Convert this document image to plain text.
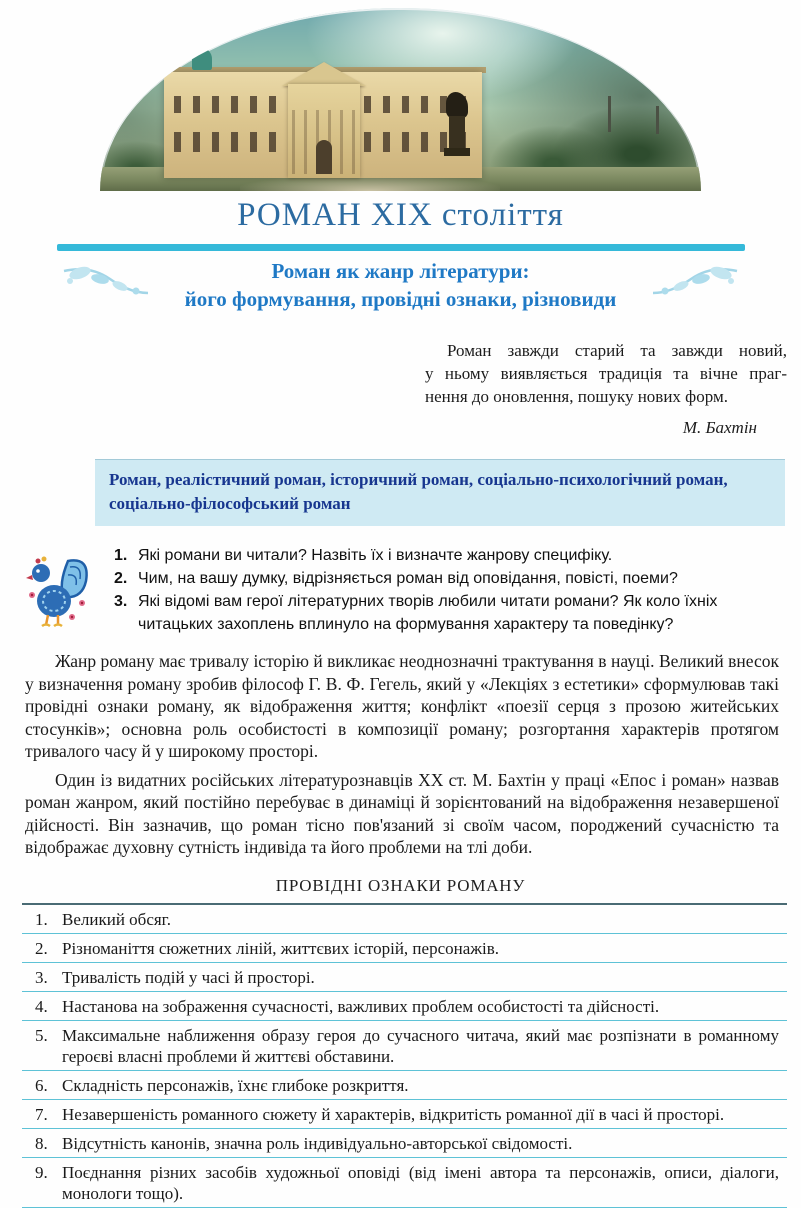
РОМАН XIX століття
Роман як жанр літератури:
його формування, провідні ознаки, різновиди
Роман завжди старий та завжди новий,
у ньому виявляється традиція та вічне праг-
нення до оновлення, пошуку нових форм.
М. Бахтін
Роман, реалістичний роман, історичний роман, соціально-психологічний роман, соціально-філософський роман
1. Які романи ви читали? Назвіть їх і визначте жанрову специфіку.
2. Чим, на вашу думку, відрізняється роман від оповідання, повісті, поеми?
3. Які відомі вам герої літературних творів любили читати романи? Як коло їхніх читацьких захоплень вплинуло на формування характеру та поведінку?

Жанр роману має тривалу історію й викликає неоднозначні трактування в науці. Великий внесок у визначення роману зробив філософ Г. В. Ф. Гегель, який у «Лекціях з естетики» сформулював такі провідні ознаки роману, як відображення життя; конфлікт «поезії серця з прозою житейських стосунків»; основна роль особистості в композиції роману; розгортання характерів протягом тривалого часу й у широкому просторі.

Один із видатних російських літературознавців XX ст. М. Бахтін у праці «Епос і роман» назвав роман жанром, який постійно перебуває в динаміці й зорієнтований на відображення незавершеної дійсності. Він зазначив, що роман тісно пов'язаний зі своїм часом, породжений сучасністю та відображає духовну сутність індивіда та його проблеми на тлі доби.

ПРОВІДНІ ОЗНАКИ РОМАНУ
1. Великий обсяг.
2. Різноманіття сюжетних ліній, життєвих історій, персонажів.
3. Тривалість подій у часі й просторі.
4. Настанова на зображення сучасності, важливих проблем особистості та дійсності.
5. Максимальне наближення образу героя до сучасного читача, який має розпізнати в романному героєві власні проблеми й життєві обставини.
6. Складність персонажів, їхнє глибоке розкриття.
7. Незавершеність романного сюжету й характерів, відкритість романної дії в часі й просторі.
8. Відсутність канонів, значна роль індивідуально-авторської свідомості.
9. Поєднання різних засобів художньої оповіді (від імені автора та персонажів, описи, діалоги, монологи тощо).
